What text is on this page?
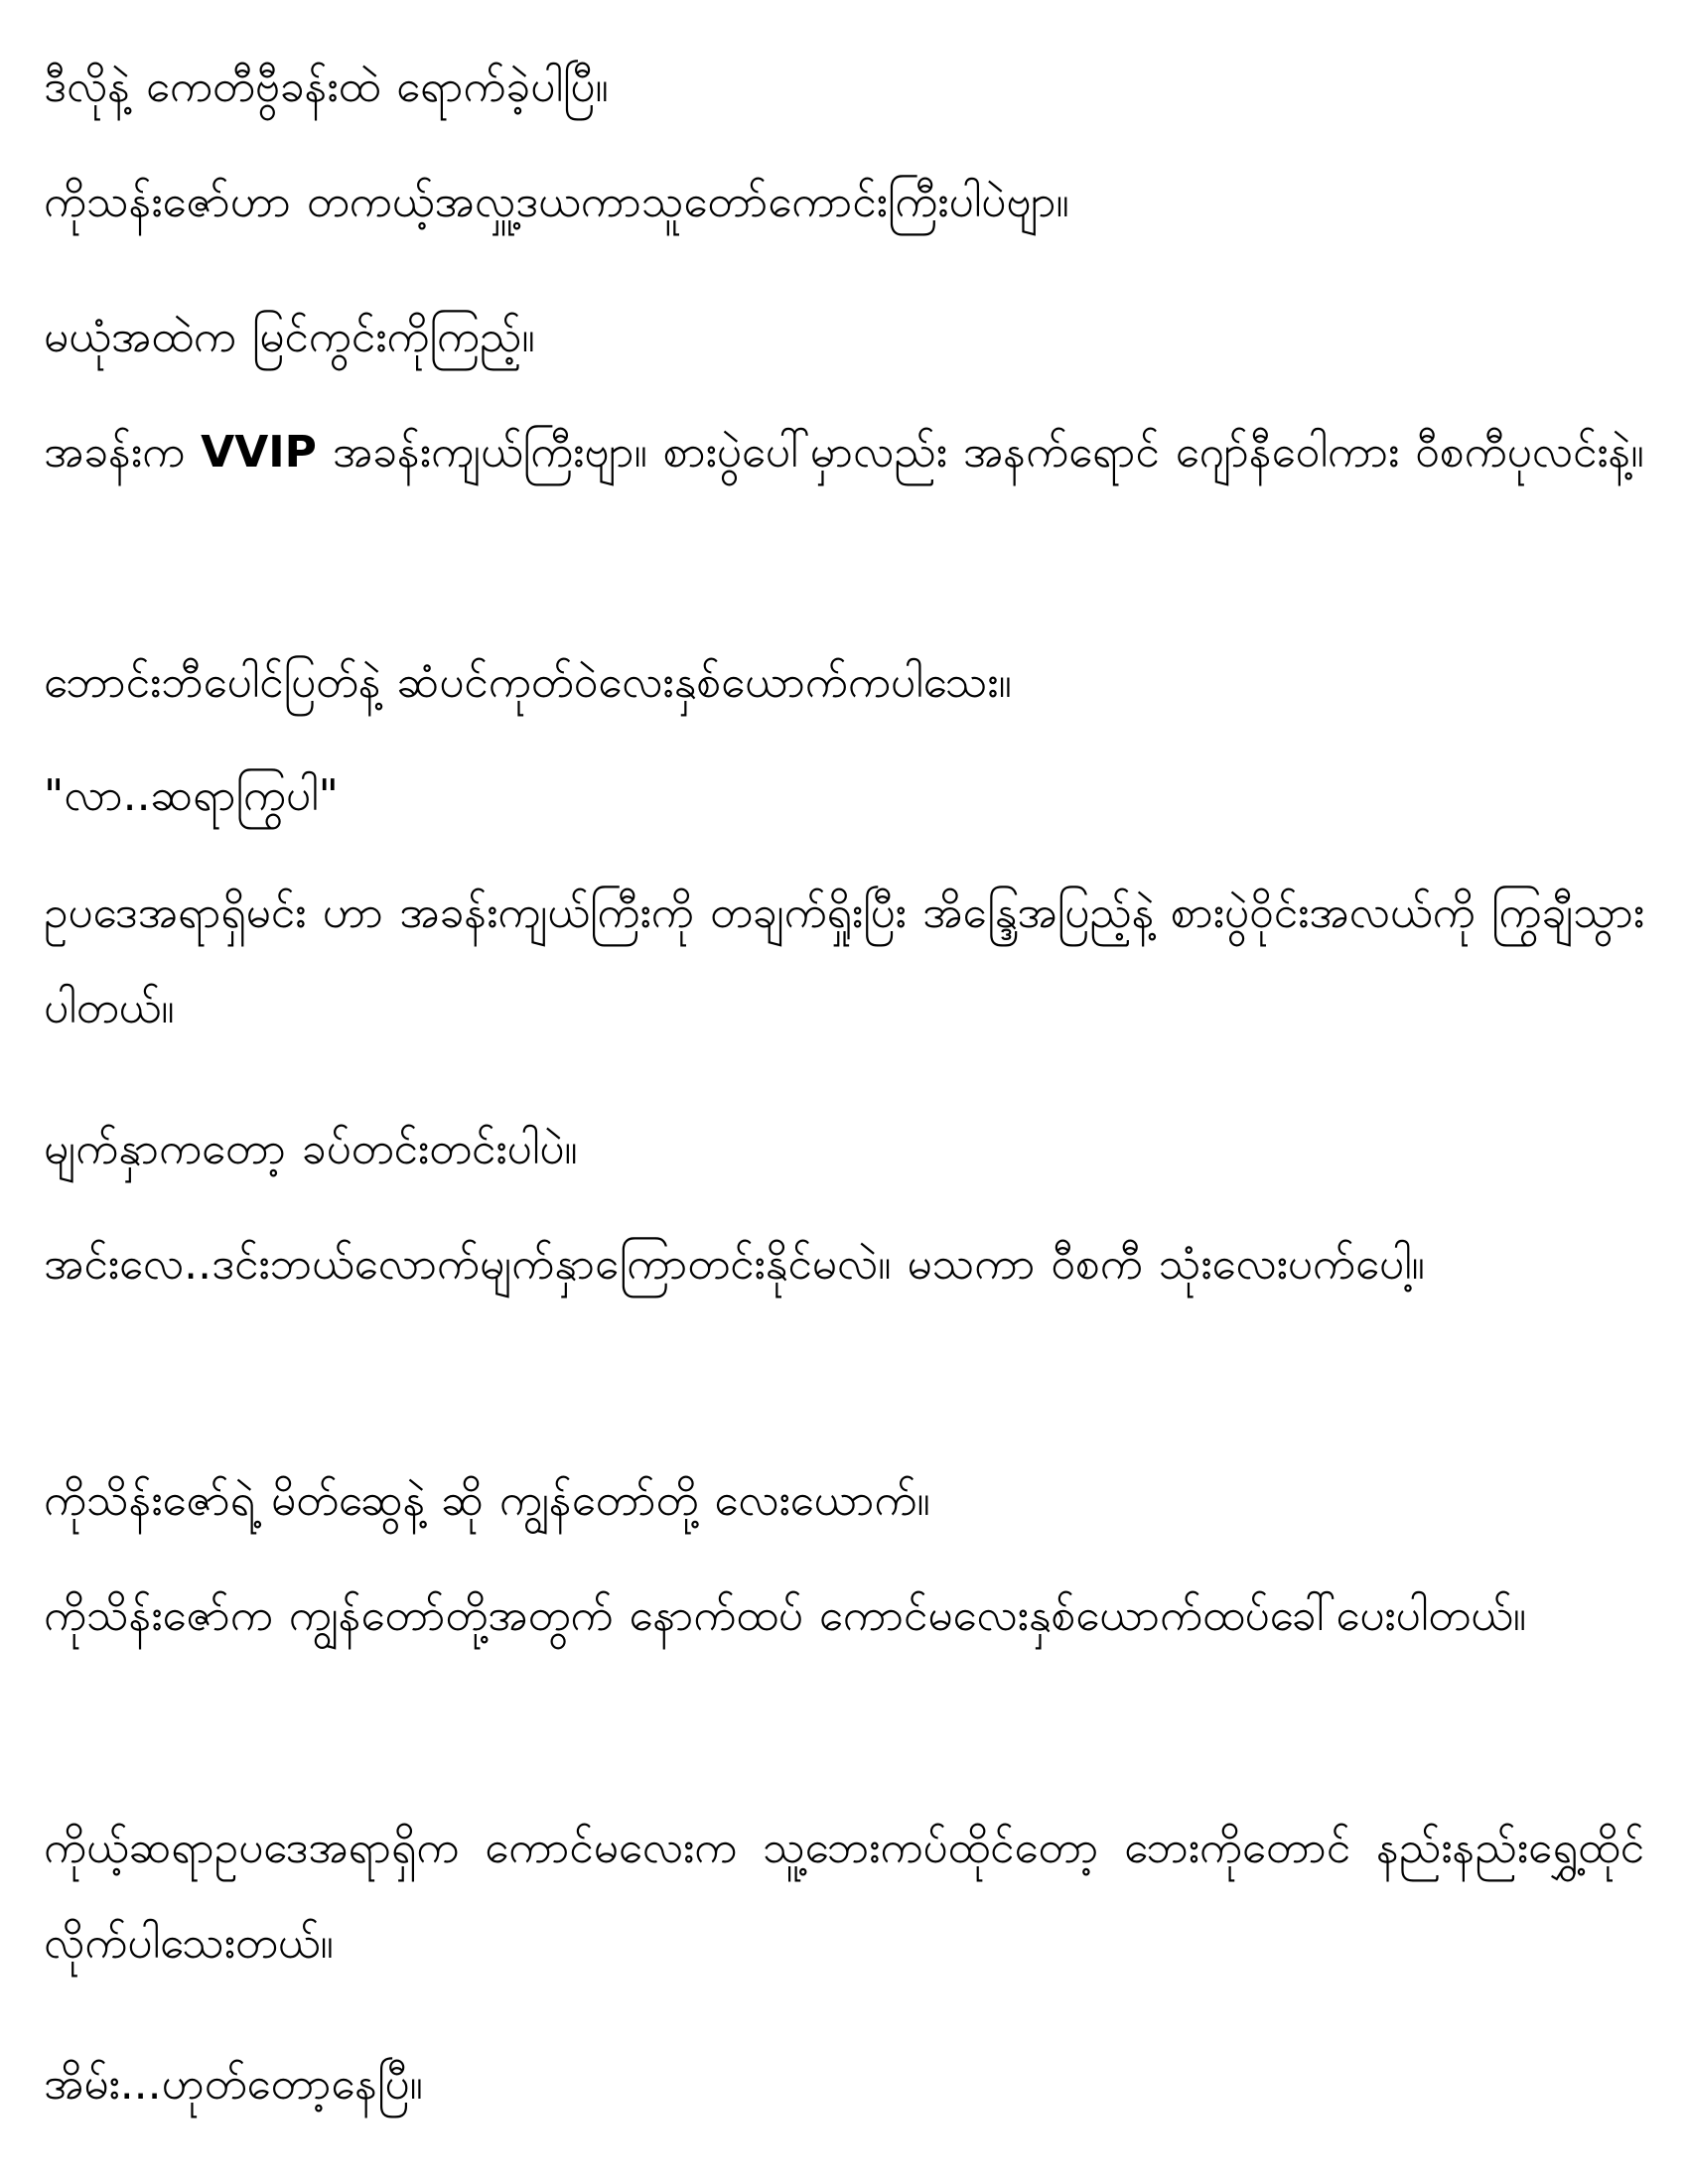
ဒီလိုနဲ့ ကေတီဗွီခန်းထဲ ရောက်ခဲ့ပါပြီ။

ကိုသန်းဇော်ဟာ တကယ့်အလှူ့ဒယကာသူတော်ကောင်းကြီးပါပဲဗျာ။

မယုံအထဲက မြင်ကွင်းကိုကြည့်။

အခန်းက VVIP အခန်းကျယ်ကြီးဗျာ။ စားပွဲပေါ်မှာလည်း အနက်ရောင် ဂျော်နီဝေါကား ဝီစကီပုလင်းနဲ့။

ဘောင်းဘီပေါင်ပြတ်နဲ့ ဆံပင်ကုတ်ဝဲလေးနှစ်ယောက်ကပါသေး။

"လာ..ဆရာကြွပါ"

ဥပဒေအရာရှိမင်း ဟာ အခန်းကျယ်ကြီးကို တချက်ရှိုးပြီး အိန္ဒြေအပြည့်နဲ့ စားပွဲဝိုင်းအလယ်ကို ကြွချီသွားပါတယ်။

မျက်နှာကတော့ ခပ်တင်းတင်းပါပဲ။

အင်းလေ..ဒင်းဘယ်လောက်မျက်နှာကြောတင်းနိုင်မလဲ။ မသကာ ဝီစကီ သုံးလေးပက်ပေါ့။

ကိုသိန်းဇော်ရဲ့ မိတ်ဆွေနဲ့ ဆို ကျွန်တော်တို့ လေးယောက်။

ကိုသိန်းဇော်က ကျွန်တော်တို့အတွက် နောက်ထပ် ကောင်မလေးနှစ်ယောက်ထပ်ခေါ်ပေးပါတယ်။

ကိုယ့်ဆရာဥပဒေအရာရှိက ကောင်မလေးက သူ့ဘေးကပ်ထိုင်တော့ ဘေးကိုတောင် နည်းနည်းရွှေ့ထိုင်လိုက်ပါသေးတယ်။

အိမ်း...ဟုတ်တော့နေပြီ။
